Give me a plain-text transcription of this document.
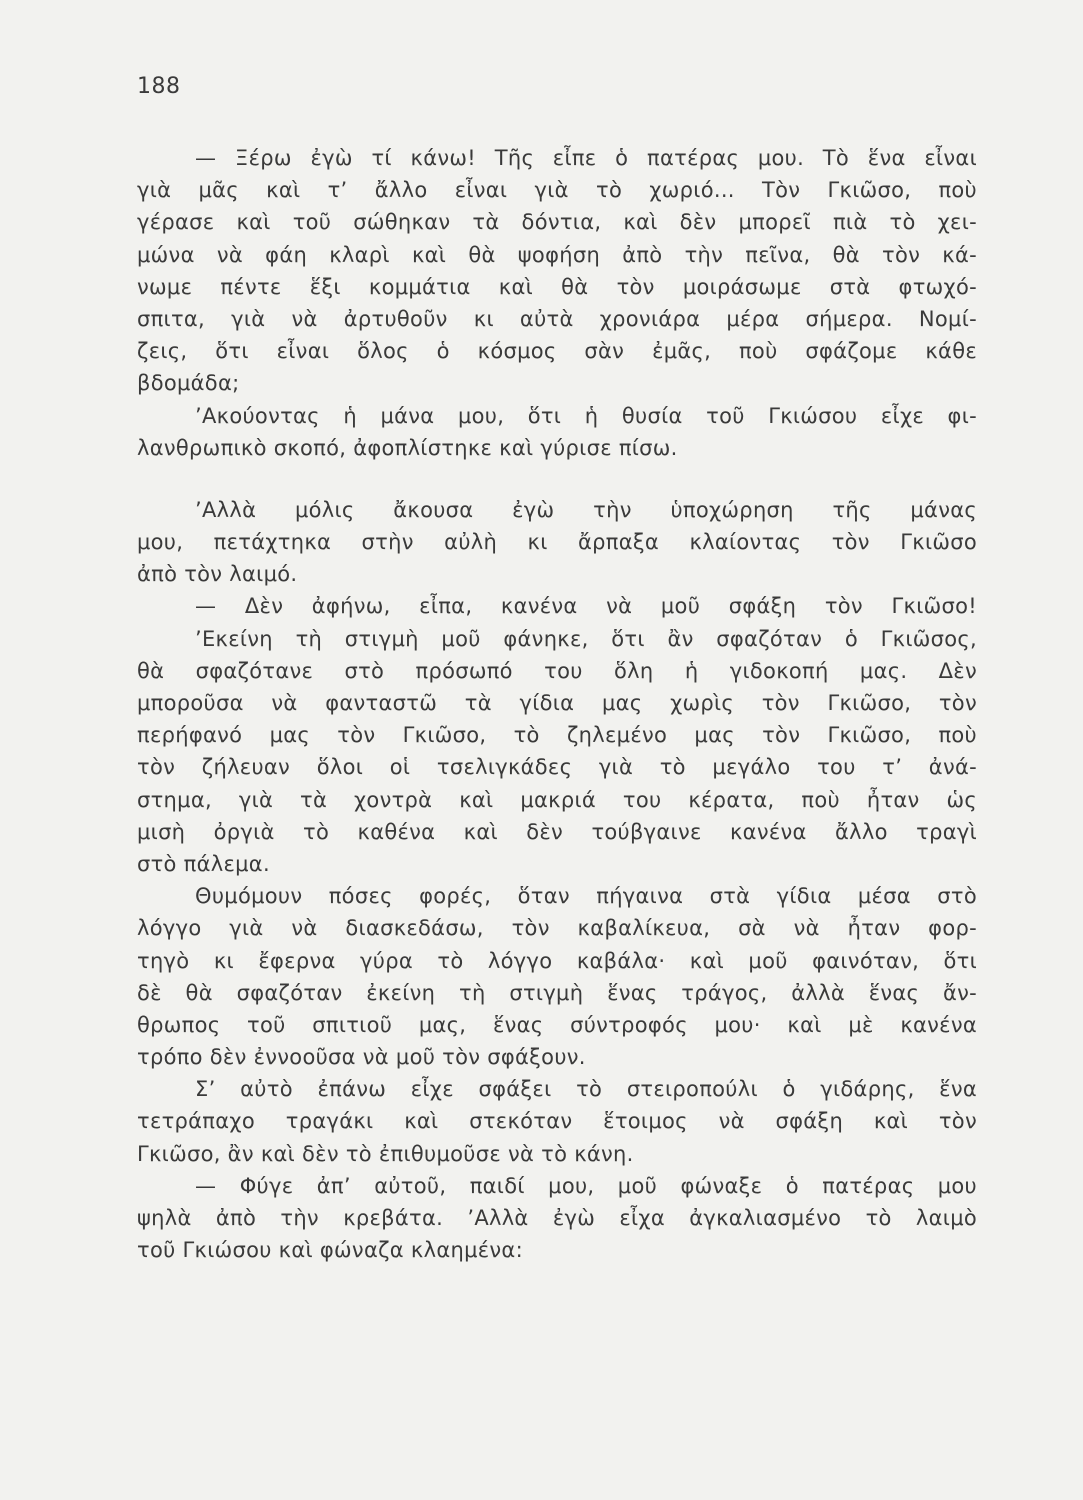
188
— Ξέρω ἐγὼ τί κάνω! Τῆς εἶπε ὁ πατέρας μου. Τὸ ἕνα εἶναι
γιὰ μᾶς καὶ τ’ ἄλλο εἶναι γιὰ τὸ χωριό... Τὸν Γκιῶσο, ποὺ
γέρασε καὶ τοῦ σώθηκαν τὰ δόντια, καὶ δὲν μπορεῖ πιὰ τὸ χει-
μώνα νὰ φάη κλαρὶ καὶ θὰ ψοφήση ἀπὸ τὴν πεῖνα, θὰ τὸν κά-
νωμε πέντε ἕξι κομμάτια καὶ θὰ τὸν μοιράσωμε στὰ φτωχό-
σπιτα, γιὰ νὰ ἀρτυθοῦν κι αὐτὰ χρονιάρα μέρα σήμερα. Νομί-
ζεις, ὅτι εἶναι ὅλος ὁ κόσμος σὰν ἐμᾶς, ποὺ σφάζομε κάθε
βδομάδα;
’Ακούοντας ἡ μάνα μου, ὅτι ἡ θυσία τοῦ Γκιώσου εἶχε φι-
λανθρωπικὸ σκοπό, ἀφοπλίστηκε καὶ γύρισε πίσω.
’Αλλὰ μόλις ἄκουσα ἐγὼ τὴν ὑποχώρηση τῆς μάνας
μου, πετάχτηκα στὴν αὐλὴ κι ἄρπαξα κλαίοντας τὸν Γκιῶσο
ἀπὸ τὸν λαιμό.
— Δὲν ἀφήνω, εἶπα, κανένα νὰ μοῦ σφάξη τὸν Γκιῶσο!
’Εκείνη τὴ στιγμὴ μοῦ φάνηκε, ὅτι ἂν σφαζόταν ὁ Γκιῶσος,
θὰ σφαζότανε στὸ πρόσωπό του ὅλη ἡ γιδοκοπή μας. Δὲν
μποροῦσα νὰ φανταστῶ τὰ γίδια μας χωρὶς τὸν Γκιῶσο, τὸν
περήφανό μας τὸν Γκιῶσο, τὸ ζηλεμένο μας τὸν Γκιῶσο, ποὺ
τὸν ζήλευαν ὅλοι οἱ τσελιγκάδες γιὰ τὸ μεγάλο του τ’ ἀνά-
στημα, γιὰ τὰ χοντρὰ καὶ μακριά του κέρατα, ποὺ ἦταν ὡς
μισὴ ὀργιὰ τὸ καθένα καὶ δὲν τούβγαινε κανένα ἄλλο τραγὶ
στὸ πάλεμα.
Θυμόμουν πόσες φορές, ὅταν πήγαινα στὰ γίδια μέσα στὸ
λόγγο γιὰ νὰ διασκεδάσω, τὸν καβαλίκευα, σὰ νὰ ἦταν φορ-
τηγὸ κι ἔφερνα γύρα τὸ λόγγο καβάλα· καὶ μοῦ φαινόταν, ὅτι
δὲ θὰ σφαζόταν ἐκείνη τὴ στιγμὴ ἕνας τράγος, ἀλλὰ ἕνας ἄν-
θρωπος τοῦ σπιτιοῦ μας, ἕνας σύντροφός μου· καὶ μὲ κανένα
τρόπο δὲν ἐννοοῦσα νὰ μοῦ τὸν σφάξουν.
Σ’ αὐτὸ ἐπάνω εἶχε σφάξει τὸ στειροπούλι ὁ γιδάρης, ἕνα
τετράπαχο τραγάκι καὶ στεκόταν ἕτοιμος νὰ σφάξη καὶ τὸν
Γκιῶσο, ἂν καὶ δὲν τὸ ἐπιθυμοῦσε νὰ τὸ κάνη.
— Φύγε ἀπ’ αὐτοῦ, παιδί μου, μοῦ φώναξε ὁ πατέρας μου
ψηλὰ ἀπὸ τὴν κρεβάτα. ’Αλλὰ ἐγὼ εἶχα ἀγκαλιασμένο τὸ λαιμὸ
τοῦ Γκιώσου καὶ φώναζα κλαημένα:
